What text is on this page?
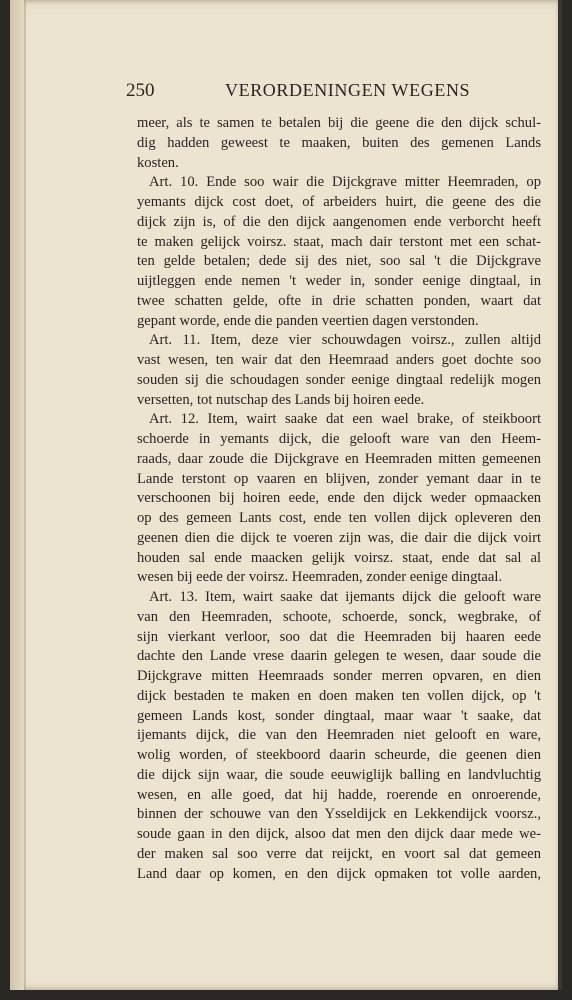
250	VERORDENINGEN WEGENS
meer, als te samen te betalen bij die geene die den dijck schul-
dig hadden geweest te maaken, buiten des gemenen Lands
kosten.
Art. 10. Ende soo wair die Dijckgrave mitter Heemraden, op
yemants dijck cost doet, of arbeiders huirt, die geene des die
dijck zijn is, of die den dijck aangenomen ende verborcht heeft
te maken gelijck voirsz. staat, mach dair terstont met een schat-
ten gelde betalen; dede sij des niet, soo sal 't die Dijckgrave
uijtleggen ende nemen 't weder in, sonder eenige dingtaal, in
twee schatten gelde, ofte in drie schatten ponden, waart dat
gepant worde, ende die panden veertien dagen verstonden.
Art. 11. Item, deze vier schouwdagen voirsz., zullen altijd
vast wesen, ten wair dat den Heemraad anders goet dochte soo
souden sij die schoudagen sonder eenige dingtaal redelijk mogen
versetten, tot nutschap des Lands bij hoiren eede.
Art. 12. Item, wairt saake dat een wael brake, of steikboort
schoerde in yemants dijck, die gelooft ware van den Heem-
raads, daar zoude die Dijckgrave en Heemraden mitten gemeenen
Lande terstont op vaaren en blijven, zonder yemant daar in te
verschoonen bij hoiren eede, ende den dijck weder opmaacken
op des gemeen Lants cost, ende ten vollen dijck opleveren den
geenen dien die dijck te voeren zijn was, die dair die dijck voirt
houden sal ende maacken gelijk voirsz. staat, ende dat sal al
wesen bij eede der voirsz. Heemraden, zonder eenige dingtaal.
Art. 13. Item, wairt saake dat ijemants dijck die gelooft ware
van den Heemraden, schoote, schoerde, sonck, wegbrake, of
sijn vierkant verloor, soo dat die Heemraden bij haaren eede
dachte den Lande vrese daarin gelegen te wesen, daar soude die
Dijckgrave mitten Heemraads sonder merren opvaren, en dien
dijck bestaden te maken en doen maken ten vollen dijck, op 't
gemeen Lands kost, sonder dingtaal, maar waar 't saake, dat
ijemants dijck, die van den Heemraden niet gelooft en ware,
wolig worden, of steekboord daarin scheurde, die geenen dien
die dijck sijn waar, die soude eeuwiglijk balling en landvluchtig
wesen, en alle goed, dat hij hadde, roerende en onroerende,
binnen der schouwe van den Ysseldijck en Lekkendijck voorsz.,
soude gaan in den dijck, alsoo dat men den dijck daar mede we-
der maken sal soo verre dat reijckt, en voort sal dat gemeen
Land daar op komen, en den dijck opmaken tot volle aarden,
